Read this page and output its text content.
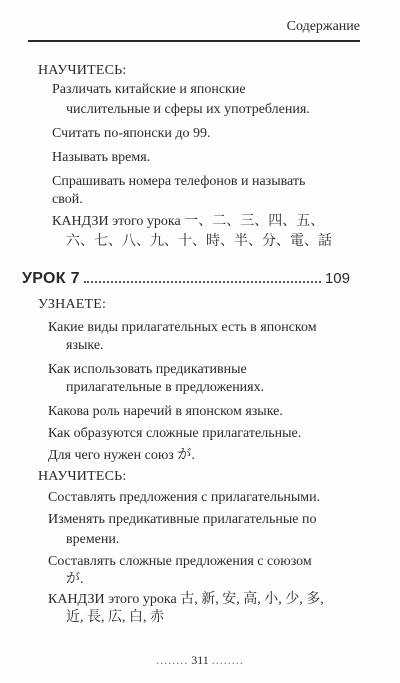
Содержание
НАУЧИТЕСЬ:
Различать китайские и японские
числительные и сферы их употребления.
Считать по-японски до 99.
Называть время.
Спрашивать номера телефонов и называть
свой.
КАНДЗИ этого урока 一、二、三、四、五、
六、七、八、九、十、時、半、分、電、話
УРОК 7	109
УЗНАЕТЕ:
Какие виды прилагательных есть в японском
языке.
Как использовать предикативные
прилагательные в предложениях.
Какова роль наречий в японском языке.
Как образуются сложные прилагательные.
Для чего нужен союз が.
НАУЧИТЕСЬ:
Составлять предложения с прилагательными.
Изменять предикативные прилагательные по
времени.
Составлять сложные предложения с союзом
が.
КАНДЗИ этого урока 古, 新, 安, 高, 小, 少, 多,
近, 長, 広, 白, 赤
........ 311 ........
